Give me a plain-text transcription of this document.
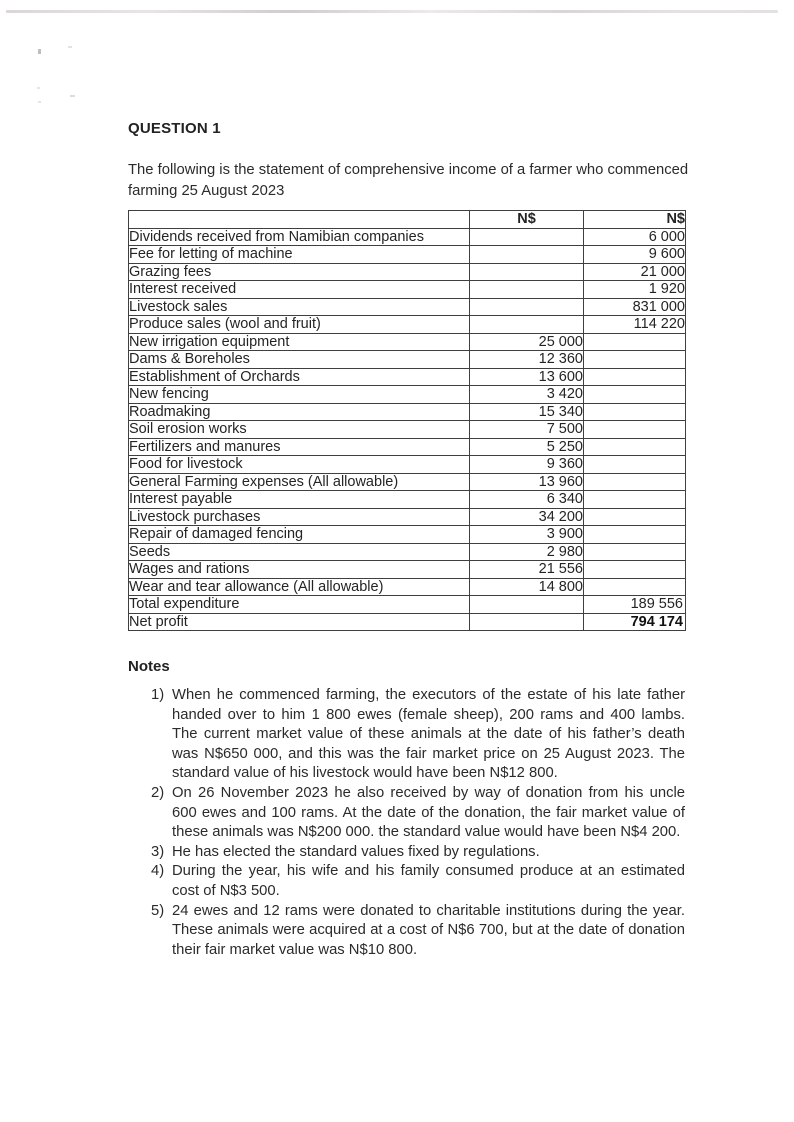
QUESTION 1
The following is the statement of comprehensive income of a farmer who commenced farming 25 August 2023
	N$	N$
Dividends received from Namibian companies		6 000
Fee for letting of machine		9 600
Grazing fees		21 000
Interest received		1 920
Livestock sales		831 000
Produce sales (wool and fruit)		114 220
New irrigation equipment	25 000	
Dams & Boreholes	12 360	
Establishment of Orchards	13 600	
New fencing	3 420	
Roadmaking	15 340	
Soil erosion works	7 500	
Fertilizers and manures	5 250	
Food for livestock	9 360	
General Farming expenses (All allowable)	13 960	
Interest payable	6 340	
Livestock purchases	34 200	
Repair of damaged fencing	3 900	
Seeds	2 980	
Wages and rations	21 556	
Wear and tear allowance (All allowable)	14 800	
Total expenditure		189 556
Net profit		794 174
Notes
1) When he commenced farming, the executors of the estate of his late father handed over to him 1 800 ewes (female sheep), 200 rams and 400 lambs. The current market value of these animals at the date of his father’s death was N$650 000, and this was the fair market price on 25 August 2023. The standard value of his livestock would have been N$12 800.
2) On 26 November 2023 he also received by way of donation from his uncle 600 ewes and 100 rams. At the date of the donation, the fair market value of these animals was N$200 000. the standard value would have been N$4 200.
3) He has elected the standard values fixed by regulations.
4) During the year, his wife and his family consumed produce at an estimated cost of N$3 500.
5) 24 ewes and 12 rams were donated to charitable institutions during the year. These animals were acquired at a cost of N$6 700, but at the date of donation their fair market value was N$10 800.
